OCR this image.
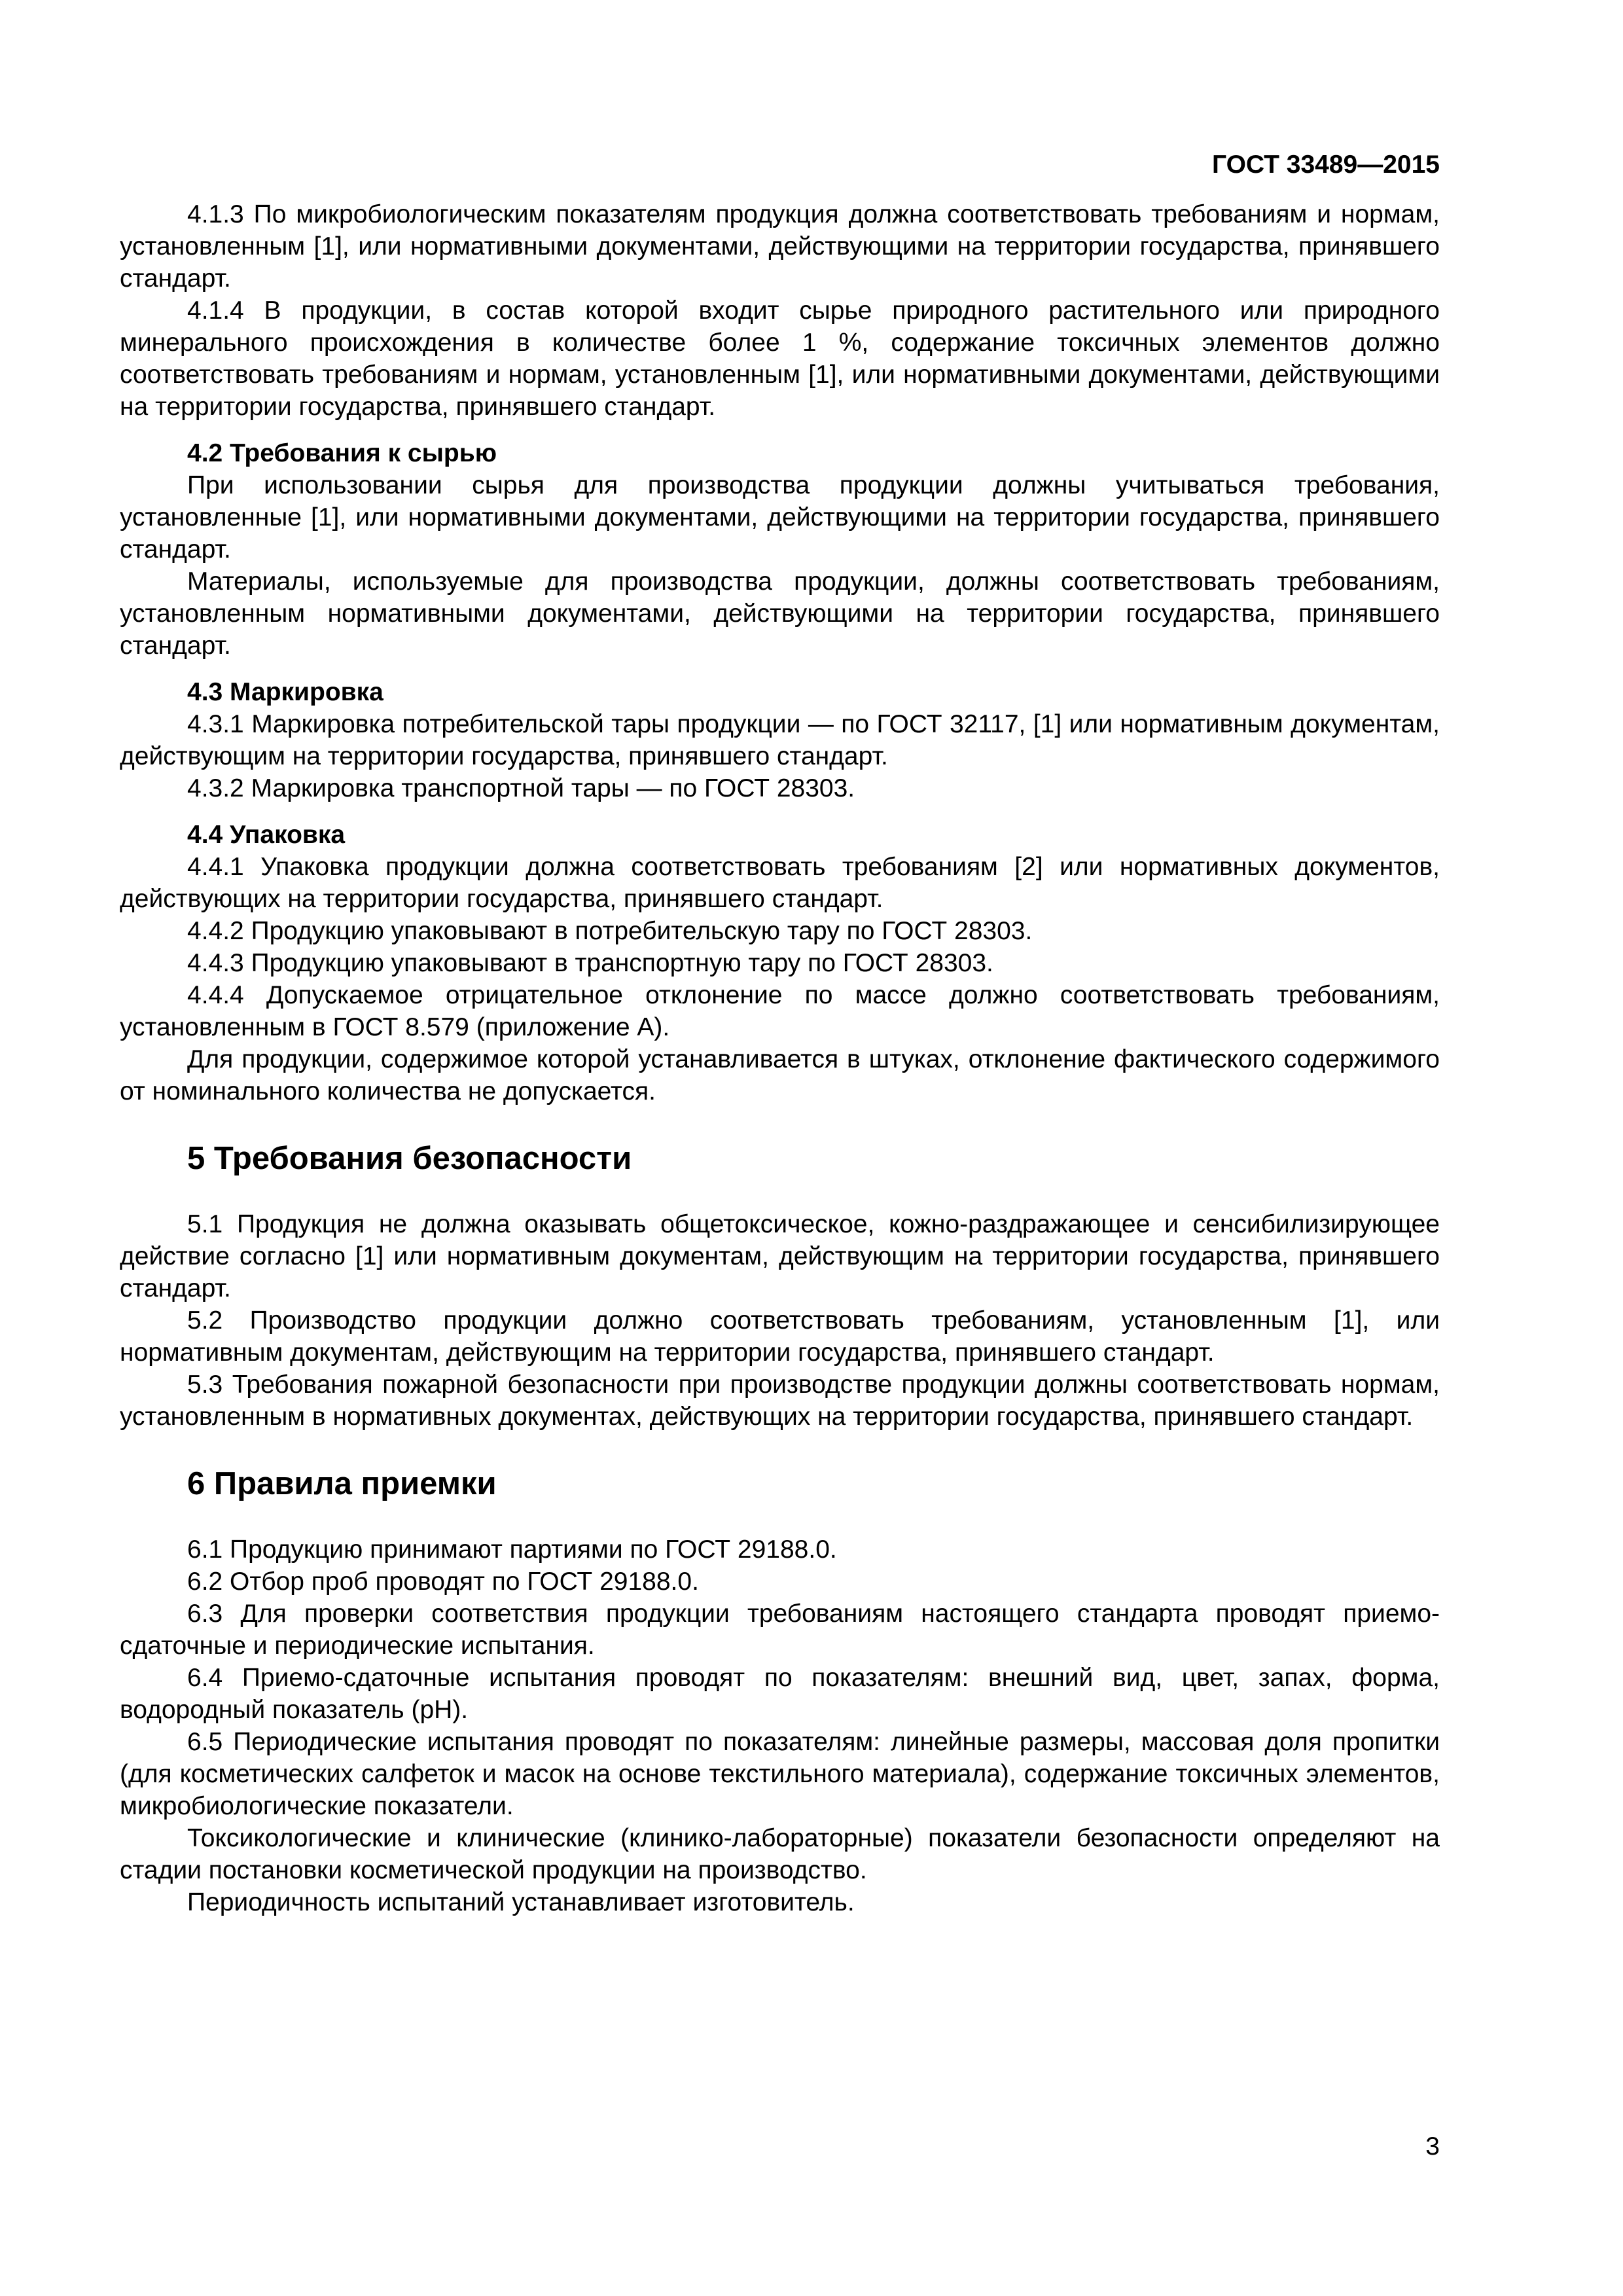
ГОСТ 33489—2015

4.1.3 По микробиологическим показателям продукция должна соответствовать требованиям и нормам, установленным [1], или нормативными документами, действующими на территории государства, принявшего стандарт.

4.1.4 В продукции, в состав которой входит сырье природного растительного или природного минерального происхождения в количестве более 1 %, содержание токсичных элементов должно соответствовать требованиям и нормам, установленным [1], или нормативными документами, действующими на территории государства, принявшего стандарт.

4.2 Требования к сырью

При использовании сырья для производства продукции должны учитываться требования, установленные [1], или нормативными документами, действующими на территории государства, принявшего стандарт.

Материалы, используемые для производства продукции, должны соответствовать требованиям, установленным нормативными документами, действующими на территории государства, принявшего стандарт.

4.3 Маркировка

4.3.1 Маркировка потребительской тары продукции — по ГОСТ 32117, [1] или нормативным документам, действующим на территории государства, принявшего стандарт.

4.3.2 Маркировка транспортной тары — по ГОСТ 28303.

4.4 Упаковка

4.4.1 Упаковка продукции должна соответствовать требованиям [2] или нормативных документов, действующих на территории государства, принявшего стандарт.

4.4.2 Продукцию упаковывают в потребительскую тару по ГОСТ 28303.

4.4.3 Продукцию упаковывают в транспортную тару по ГОСТ 28303.

4.4.4 Допускаемое отрицательное отклонение по массе должно соответствовать требованиям, установленным в ГОСТ 8.579 (приложение А).

Для продукции, содержимое которой устанавливается в штуках, отклонение фактического содержимого от номинального количества не допускается.

5 Требования безопасности

5.1 Продукция не должна оказывать общетоксическое, кожно-раздражающее и сенсибилизирующее действие согласно [1] или нормативным документам, действующим на территории государства, принявшего стандарт.

5.2 Производство продукции должно соответствовать требованиям, установленным [1], или нормативным документам, действующим на территории государства, принявшего стандарт.

5.3 Требования пожарной безопасности при производстве продукции должны соответствовать нормам, установленным в нормативных документах, действующих на территории государства, принявшего стандарт.

6 Правила приемки

6.1 Продукцию принимают партиями по ГОСТ 29188.0.

6.2 Отбор проб проводят по ГОСТ 29188.0.

6.3 Для проверки соответствия продукции требованиям настоящего стандарта проводят приемо-сдаточные и периодические испытания.

6.4 Приемо-сдаточные испытания проводят по показателям: внешний вид, цвет, запах, форма, водородный показатель (pH).

6.5 Периодические испытания проводят по показателям: линейные размеры, массовая доля пропитки (для косметических салфеток и масок на основе текстильного материала), содержание токсичных элементов, микробиологические показатели.

Токсикологические и клинические (клинико-лабораторные) показатели безопасности определяют на стадии постановки косметической продукции на производство.

Периодичность испытаний устанавливает изготовитель.

3
